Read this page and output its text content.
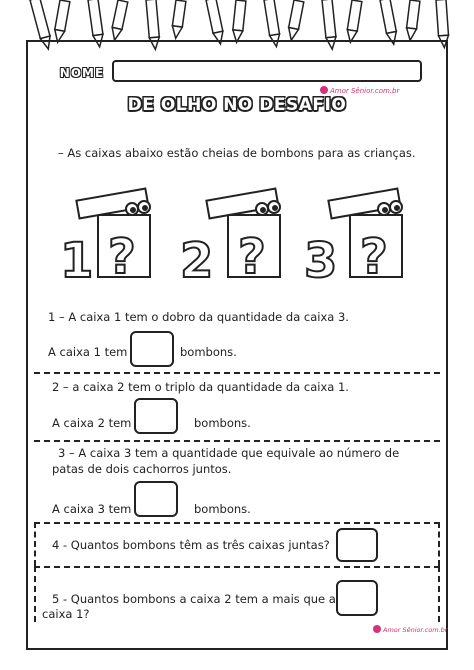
NOME
Amor Sênior.com.br
DE OLHO NO DESAFIO
– As caixas abaixo estão cheias de bombons para as crianças.
1 ? 2 ? 3 ?
1 – A caixa 1 tem o dobro da quantidade da caixa 3.
A caixa 1 tem	bombons.
2 – a caixa 2 tem o triplo da quantidade da caixa 1.
A caixa 2 tem	bombons.
3 – A caixa 3 tem a quantidade que equivale ao número de
patas de dois cachorros juntos.
A caixa 3 tem	bombons.
4 - Quantos bombons têm as três caixas juntas?
5 - Quantos bombons a caixa 2 tem a mais que a
caixa 1?
Amor Sênior.com.br
